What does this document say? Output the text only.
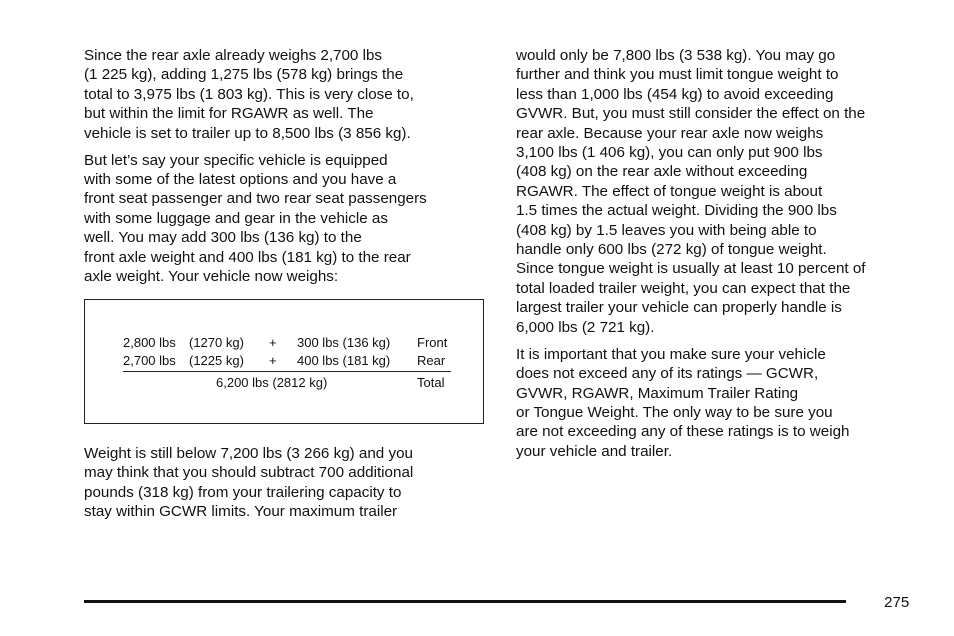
Since the rear axle already weighs 2,700 lbs
(1 225 kg), adding 1,275 lbs (578 kg) brings the
total to 3,975 lbs (1 803 kg). This is very close to,
but within the limit for RGAWR as well. The
vehicle is set to trailer up to 8,500 lbs (3 856 kg).

But let’s say your specific vehicle is equipped
with some of the latest options and you have a
front seat passenger and two rear seat passengers
with some luggage and gear in the vehicle as
well. You may add 300 lbs (136 kg) to the
front axle weight and 400 lbs (181 kg) to the rear
axle weight. Your vehicle now weighs:

2,800 lbs (1270 kg) + 300 lbs (136 kg) Front
2,700 lbs (1225 kg) + 400 lbs (181 kg) Rear
6,200 lbs (2812 kg)	Total

Weight is still below 7,200 lbs (3 266 kg) and you
may think that you should subtract 700 additional
pounds (318 kg) from your trailering capacity to
stay within GCWR limits. Your maximum trailer

would only be 7,800 lbs (3 538 kg). You may go
further and think you must limit tongue weight to
less than 1,000 lbs (454 kg) to avoid exceeding
GVWR. But, you must still consider the effect on the
rear axle. Because your rear axle now weighs
3,100 lbs (1 406 kg), you can only put 900 lbs
(408 kg) on the rear axle without exceeding
RGAWR. The effect of tongue weight is about
1.5 times the actual weight. Dividing the 900 lbs
(408 kg) by 1.5 leaves you with being able to
handle only 600 lbs (272 kg) of tongue weight.
Since tongue weight is usually at least 10 percent of
total loaded trailer weight, you can expect that the
largest trailer your vehicle can properly handle is
6,000 lbs (2 721 kg).

It is important that you make sure your vehicle
does not exceed any of its ratings — GCWR,
GVWR, RGAWR, Maximum Trailer Rating
or Tongue Weight. The only way to be sure you
are not exceeding any of these ratings is to weigh
your vehicle and trailer.

275
